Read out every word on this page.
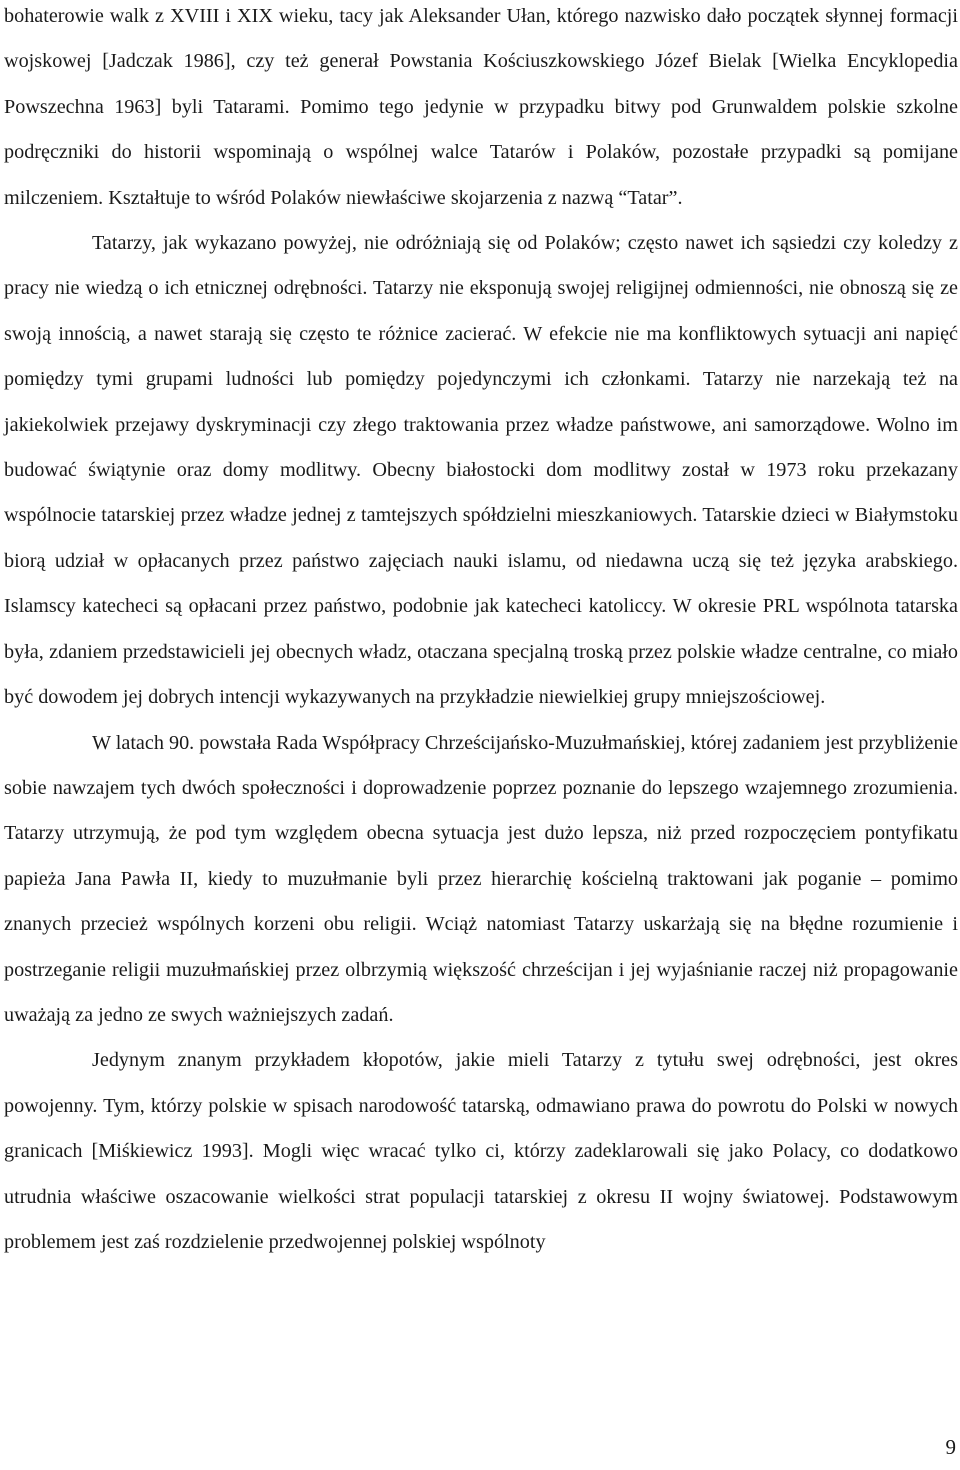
bohaterowie walk z XVIII i XIX wieku, tacy jak Aleksander Ułan, którego nazwisko dało początek słynnej formacji wojskowej [Jadczak 1986], czy też generał Powstania Kościuszkowskiego Józef Bielak [Wielka Encyklopedia Powszechna 1963] byli Tatarami. Pomimo tego jedynie w przypadku bitwy pod Grunwaldem polskie szkolne podręczniki do historii wspominają o wspólnej walce Tatarów i Polaków, pozostałe przypadki są pomijane milczeniem. Kształtuje to wśród Polaków niewłaściwe skojarzenia z nazwą “Tatar”.

Tatarzy, jak wykazano powyżej, nie odróżniają się od Polaków; często nawet ich sąsiedzi czy koledzy z pracy nie wiedzą o ich etnicznej odrębności. Tatarzy nie eksponują swojej religijnej odmienności, nie obnoszą się ze swoją innością, a nawet starają się często te różnice zacierać. W efekcie nie ma konfliktowych sytuacji ani napięć pomiędzy tymi grupami ludności lub pomiędzy pojedynczymi ich członkami. Tatarzy nie narzekają też na jakiekolwiek przejawy dyskryminacji czy złego traktowania przez władze państwowe, ani samorządowe. Wolno im budować świątynie oraz domy modlitwy. Obecny białostocki dom modlitwy został w 1973 roku przekazany wspólnocie tatarskiej przez władze jednej z tamtejszych spółdzielni mieszkaniowych. Tatarskie dzieci w Białymstoku biorą udział w opłacanych przez państwo zajęciach nauki islamu, od niedawna uczą się też języka arabskiego. Islamscy katecheci są opłacani przez państwo, podobnie jak katecheci katoliccy. W okresie PRL wspólnota tatarska była, zdaniem przedstawicieli jej obecnych władz, otaczana specjalną troską przez polskie władze centralne, co miało być dowodem jej dobrych intencji wykazywanych na przykładzie niewielkiej grupy mniejszościowej.

W latach 90. powstała Rada Współpracy Chrześcijańsko-Muzułmańskiej, której zadaniem jest przybliżenie sobie nawzajem tych dwóch społeczności i doprowadzenie poprzez poznanie do lepszego wzajemnego zrozumienia. Tatarzy utrzymują, że pod tym względem obecna sytuacja jest dużo lepsza, niż przed rozpoczęciem pontyfikatu papieża Jana Pawła II, kiedy to muzułmanie byli przez hierarchię kościelną traktowani jak poganie – pomimo znanych przecież wspólnych korzeni obu religii. Wciąż natomiast Tatarzy uskarżają się na błędne rozumienie i postrzeganie religii muzułmańskiej przez olbrzymią większość chrześcijan i jej wyjaśnianie raczej niż propagowanie uważają za jedno ze swych ważniejszych zadań.

Jedynym znanym przykładem kłopotów, jakie mieli Tatarzy z tytułu swej odrębności, jest okres powojenny. Tym, którzy polskie w spisach narodowość tatarską, odmawiano prawa do powrotu do Polski w nowych granicach [Miśkiewicz 1993]. Mogli więc wracać tylko ci, którzy zadeklarowali się jako Polacy, co dodatkowo utrudnia właściwe oszacowanie wielkości strat populacji tatarskiej z okresu II wojny światowej. Podstawowym problemem jest zaś rozdzielenie przedwojennej polskiej wspólnoty

9
